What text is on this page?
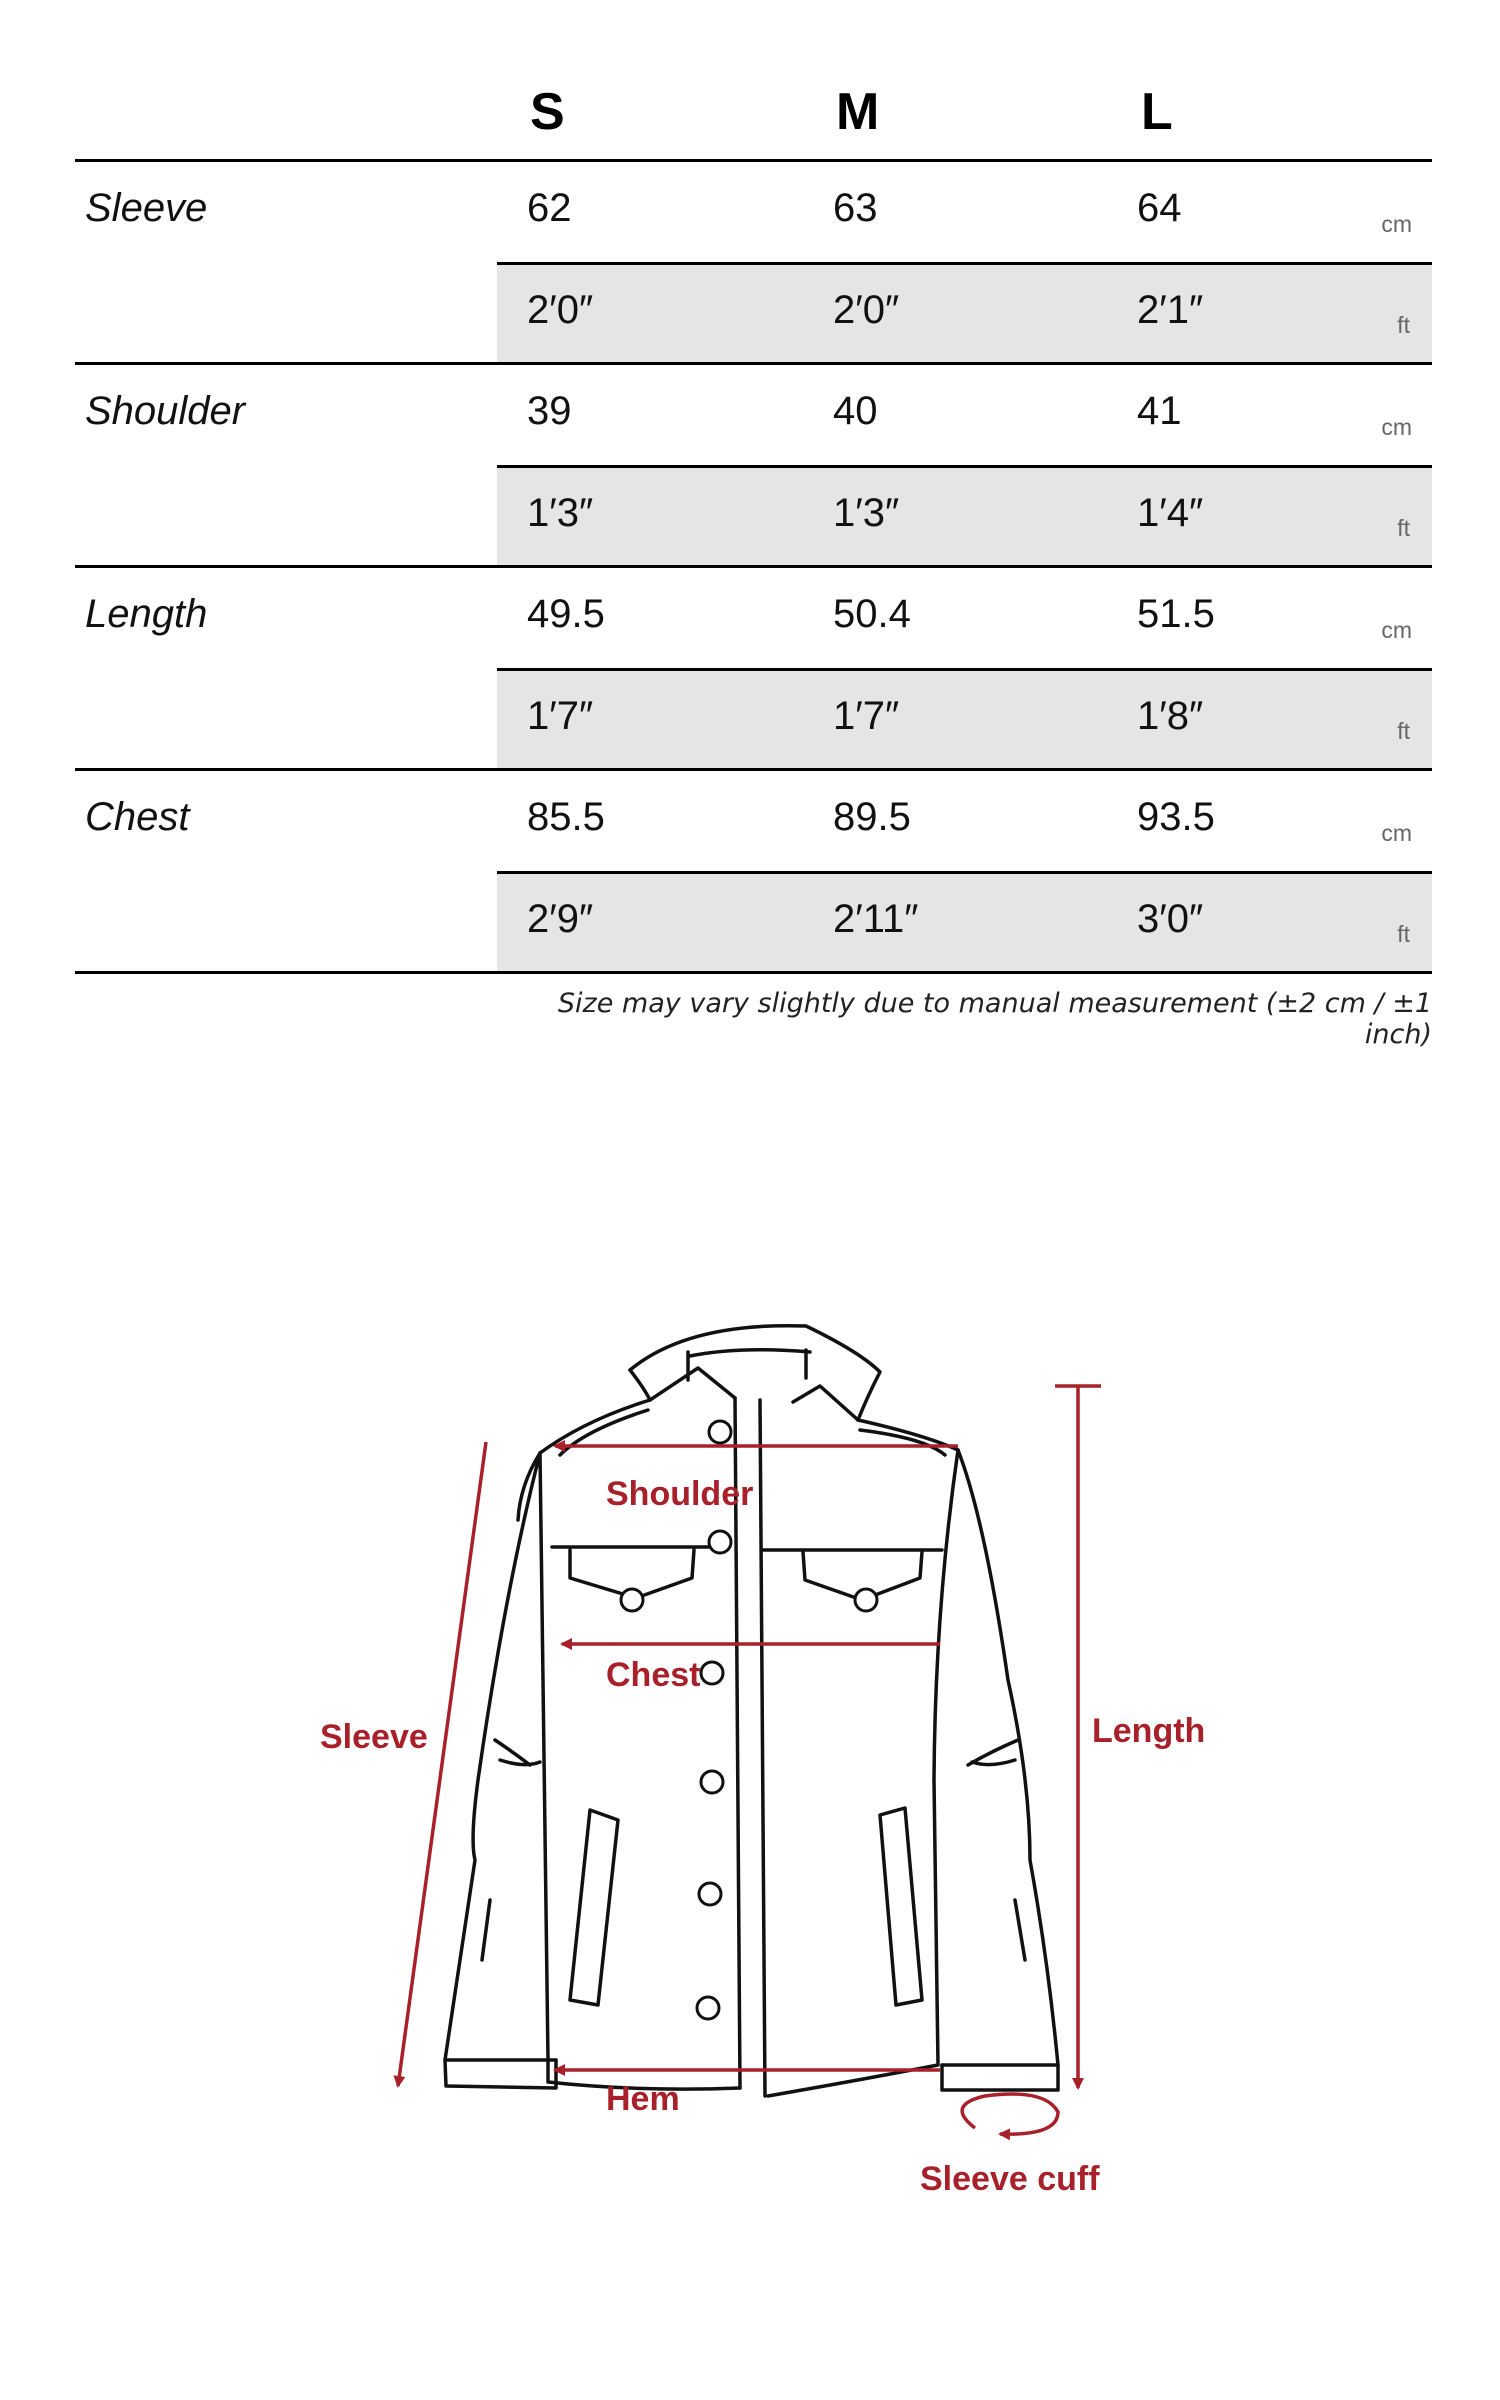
S	M	L
Sleeve	62	63	64	cm
2′0″	2′0″	2′1″	ft
Shoulder	39	40	41	cm
1′3″	1′3″	1′4″	ft
Length	49.5	50.4	51.5	cm
1′7″	1′7″	1′8″	ft
Chest	85.5	89.5	93.5	cm
2′9″	2′11″	3′0″	ft
Size may vary slightly due to manual measurement (±2 cm / ±1 inch)
Shoulder
Chest
Sleeve	Length
Hem
Sleeve cuff
